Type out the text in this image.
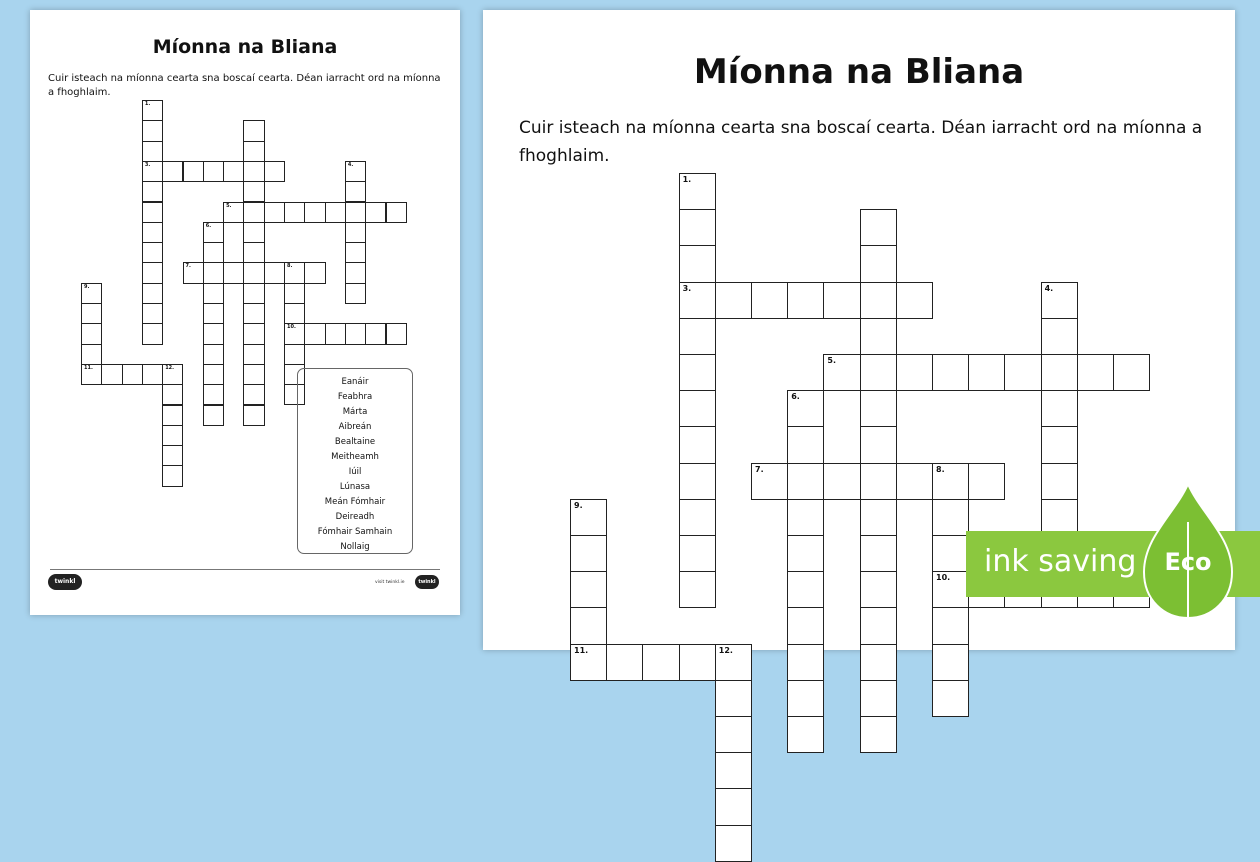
Míonna na Bliana
Cuir isteach na míonna cearta sna boscaí cearta. Déan iarracht ord na míonna a fhoghlaim.
1.
3.	4.
5.
6.
7.	8.
10.
9.
11.	12.
Eanáir
Feabhra
Márta
Aibreán
Bealtaine
Meitheamh
Iúil
Lúnasa
Meán Fómhair
Deireadh
Fómhair Samhain
Nollaig
twinkl	visit twinkl.ie	twinkl
Míonna na Bliana
Cuir isteach na míonna cearta sna boscaí cearta. Déan iarracht ord na míonna a fhoghlaim.
1.
3.	4.
5.
6.
7.	8.
10.
9.
11.	12.
ink saving	Eco
